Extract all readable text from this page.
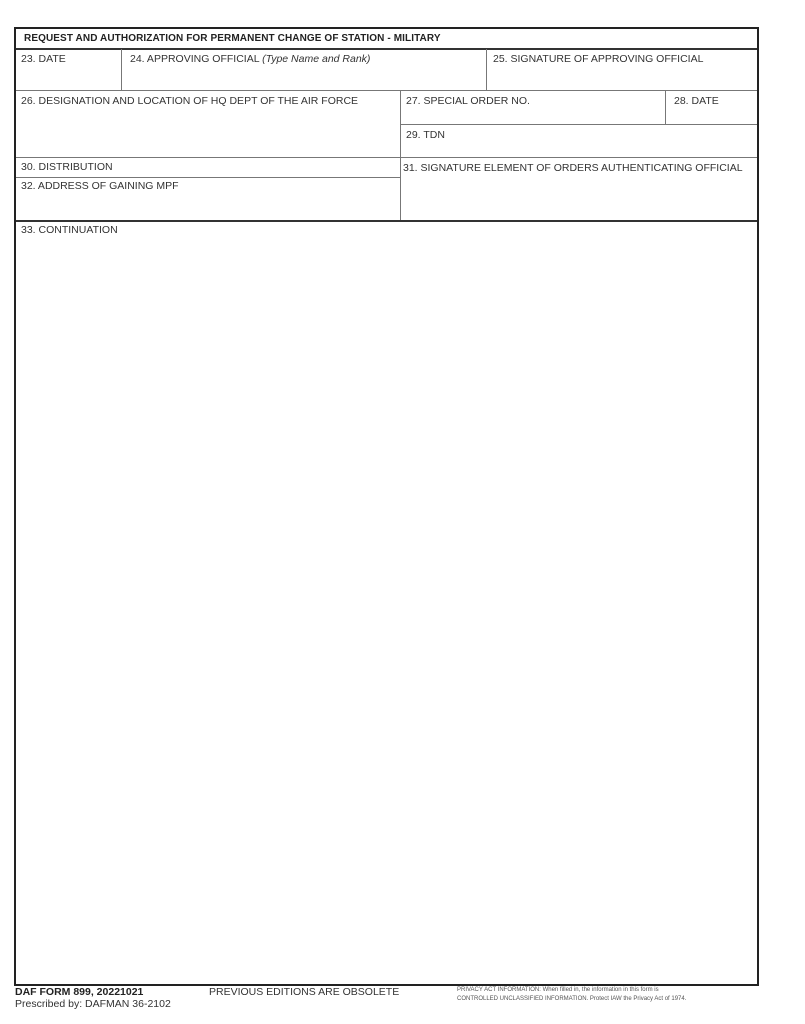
REQUEST AND AUTHORIZATION FOR PERMANENT CHANGE OF STATION - MILITARY
23. DATE	24. APPROVING OFFICIAL (Type Name and Rank)	25. SIGNATURE OF APPROVING OFFICIAL
26. DESIGNATION AND LOCATION OF HQ DEPT OF THE AIR FORCE	27. SPECIAL ORDER NO.	28. DATE
29. TDN
30. DISTRIBUTION
32. ADDRESS OF GAINING MPF
31. SIGNATURE ELEMENT OF ORDERS AUTHENTICATING OFFICIAL
33. CONTINUATION
DAF FORM 899, 20221021
Prescribed by: DAFMAN 36-2102
PREVIOUS EDITIONS ARE OBSOLETE	PRIVACY ACT INFORMATION: When filled in, the information in this form is
CONTROLLED UNCLASSIFIED INFORMATION. Protect IAW the Privacy Act of 1974.
